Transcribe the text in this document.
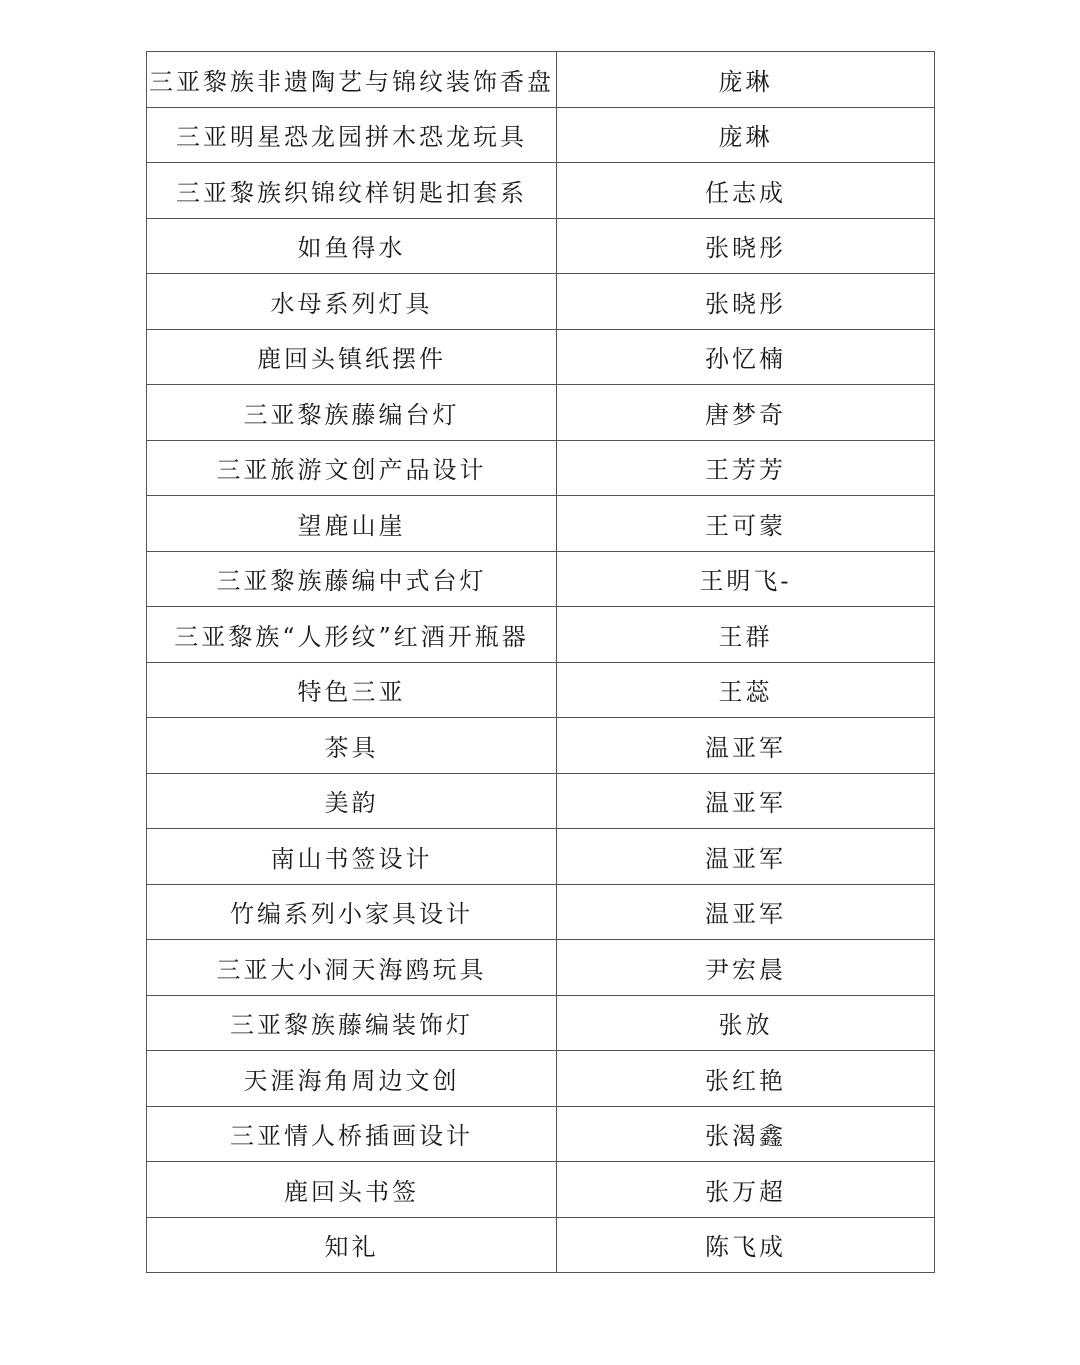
三亚黎族非遗陶艺与锦纹装饰香盘	庞琳
三亚明星恐龙园拼木恐龙玩具	庞琳
三亚黎族织锦纹样钥匙扣套系	任志成
如鱼得水	张晓彤
水母系列灯具	张晓彤
鹿回头镇纸摆件	孙忆楠
三亚黎族藤编台灯	唐梦奇
三亚旅游文创产品设计	王芳芳
望鹿山崖	王可蒙
三亚黎族藤编中式台灯	王明飞-
三亚黎族“人形纹”红酒开瓶器	王群
特色三亚	王蕊
茶具	温亚军
美韵	温亚军
南山书签设计	温亚军
竹编系列小家具设计	温亚军
三亚大小洞天海鸥玩具	尹宏晨
三亚黎族藤编装饰灯	张放
天涯海角周边文创	张红艳
三亚情人桥插画设计	张渴鑫
鹿回头书签	张万超
知礼	陈飞成
